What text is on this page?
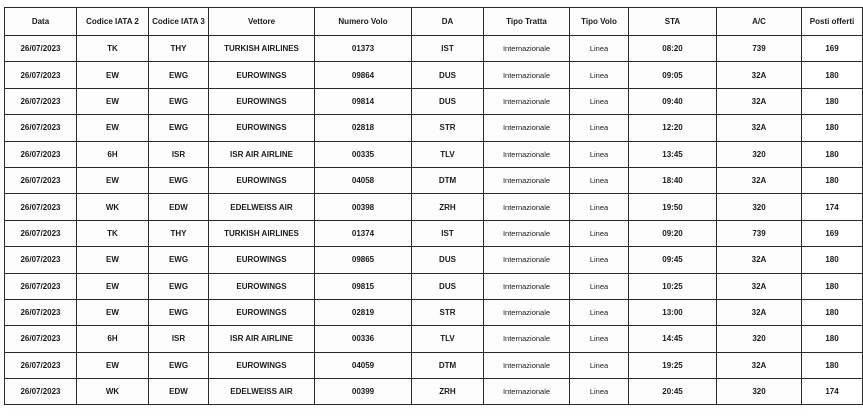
Data	Codice IATA 2	Codice IATA 3	Vettore	Numero Volo	DA	Tipo Tratta	Tipo Volo	STA	A/C	Posti offerti
26/07/2023	TK	THY	TURKISH AIRLINES	01373	IST	Internazionale	Linea	08:20	739	169
26/07/2023	EW	EWG	EUROWINGS	09864	DUS	Internazionale	Linea	09:05	32A	180
26/07/2023	EW	EWG	EUROWINGS	09814	DUS	Internazionale	Linea	09:40	32A	180
26/07/2023	EW	EWG	EUROWINGS	02818	STR	Internazionale	Linea	12:20	32A	180
26/07/2023	6H	ISR	ISR AIR AIRLINE	00335	TLV	Internazionale	Linea	13:45	320	180
26/07/2023	EW	EWG	EUROWINGS	04058	DTM	Internazionale	Linea	18:40	32A	180
26/07/2023	WK	EDW	EDELWEISS AIR	00398	ZRH	Internazionale	Linea	19:50	320	174
26/07/2023	TK	THY	TURKISH AIRLINES	01374	IST	Internazionale	Linea	09:20	739	169
26/07/2023	EW	EWG	EUROWINGS	09865	DUS	Internazionale	Linea	09:45	32A	180
26/07/2023	EW	EWG	EUROWINGS	09815	DUS	Internazionale	Linea	10:25	32A	180
26/07/2023	EW	EWG	EUROWINGS	02819	STR	Internazionale	Linea	13:00	32A	180
26/07/2023	6H	ISR	ISR AIR AIRLINE	00336	TLV	Internazionale	Linea	14:45	320	180
26/07/2023	EW	EWG	EUROWINGS	04059	DTM	Internazionale	Linea	19:25	32A	180
26/07/2023	WK	EDW	EDELWEISS AIR	00399	ZRH	Internazionale	Linea	20:45	320	174
